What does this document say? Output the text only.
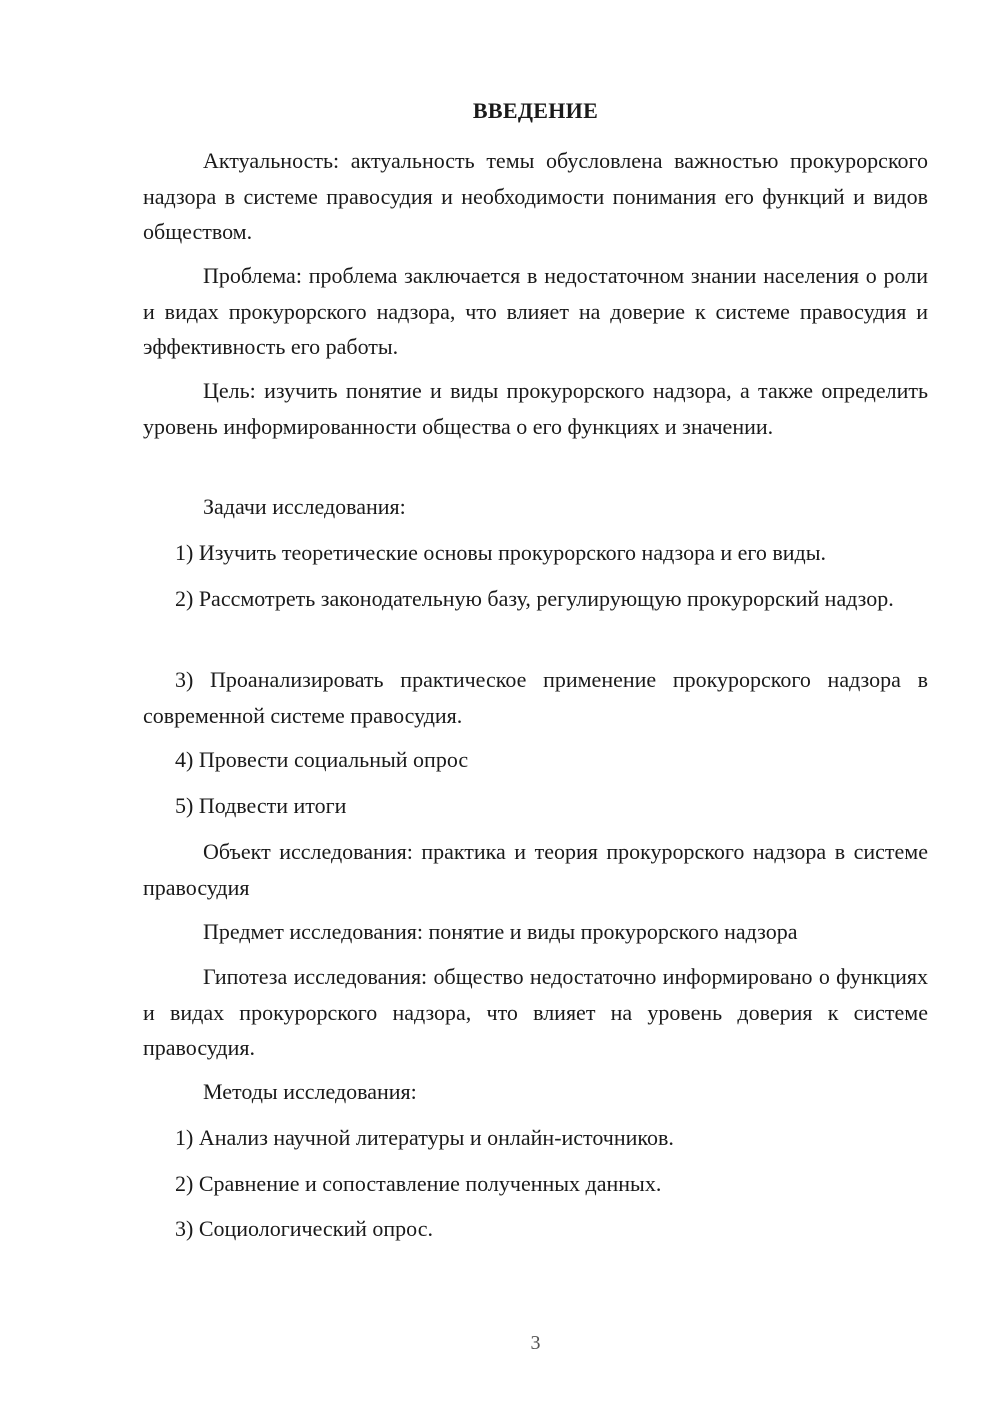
ВВЕДЕНИЕ

Актуальность: актуальность темы обусловлена важностью прокурорского надзора в системе правосудия и необходимости понимания его функций и видов обществом.

Проблема: проблема заключается в недостаточном знании населения о роли и видах прокурорского надзора, что влияет на доверие к системе правосудия и эффективность его работы.

Цель: изучить понятие и виды прокурорского надзора, а также определить уровень информированности общества о его функциях и значении.

Задачи исследования:

1) Изучить теоретические основы прокурорского надзора и его виды.

2) Рассмотреть законодательную базу, регулирующую прокурорский надзор.

3) Проанализировать практическое применение прокурорского надзора в современной системе правосудия.

4) Провести социальный опрос

5) Подвести итоги

Объект исследования: практика и теория прокурорского надзора в системе правосудия

Предмет исследования: понятие и виды прокурорского надзора

Гипотеза исследования: общество недостаточно информировано о функциях и видах прокурорского надзора, что влияет на уровень доверия к системе правосудия.

Методы исследования:

1) Анализ научной литературы и онлайн-источников.

2) Сравнение и сопоставление полученных данных.

3) Социологический опрос.

3
